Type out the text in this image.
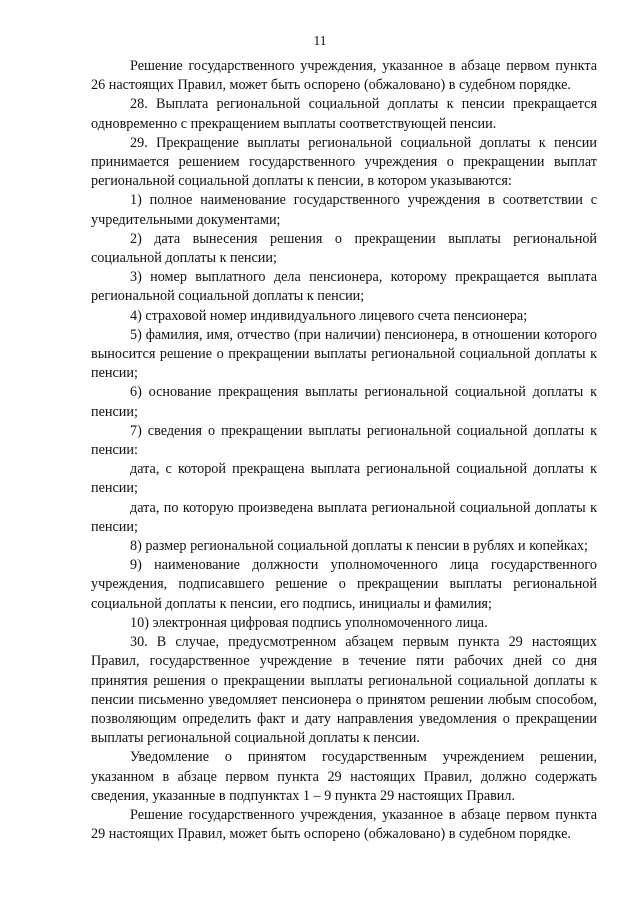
11

Решение государственного учреждения, указанное в абзаце первом пункта 26 настоящих Правил, может быть оспорено (обжаловано) в судебном порядке.

28. Выплата региональной социальной доплаты к пенсии прекращается одновременно с прекращением выплаты соответствующей пенсии.

29. Прекращение выплаты региональной социальной доплаты к пенсии принимается решением государственного учреждения о прекращении выплат региональной социальной доплаты к пенсии, в котором указываются:

1) полное наименование государственного учреждения в соответствии с учредительными документами;

2) дата вынесения решения о прекращении выплаты региональной социальной доплаты к пенсии;

3) номер выплатного дела пенсионера, которому прекращается выплата региональной социальной доплаты к пенсии;

4) страховой номер индивидуального лицевого счета пенсионера;

5) фамилия, имя, отчество (при наличии) пенсионера, в отношении которого выносится решение о прекращении выплаты региональной социальной доплаты к пенсии;

6) основание прекращения выплаты региональной социальной доплаты к пенсии;

7) сведения о прекращении выплаты региональной социальной доплаты к пенсии:

дата, с которой прекращена выплата региональной социальной доплаты к пенсии;

дата, по которую произведена выплата региональной социальной доплаты к пенсии;

8) размер региональной социальной доплаты к пенсии в рублях и копейках;

9) наименование должности уполномоченного лица государственного учреждения, подписавшего решение о прекращении выплаты региональной социальной доплаты к пенсии, его подпись, инициалы и фамилия;

10) электронная цифровая подпись уполномоченного лица.

30. В случае, предусмотренном абзацем первым пункта 29 настоящих Правил, государственное учреждение в течение пяти рабочих дней со дня принятия решения о прекращении выплаты региональной социальной доплаты к пенсии письменно уведомляет пенсионера о принятом решении любым способом, позволяющим определить факт и дату направления уведомления о прекращении выплаты региональной социальной доплаты к пенсии.

Уведомление о принятом государственным учреждением решении, указанном в абзаце первом пункта 29 настоящих Правил, должно содержать сведения, указанные в подпунктах 1 – 9 пункта 29 настоящих Правил.

Решение государственного учреждения, указанное в абзаце первом пункта 29 настоящих Правил, может быть оспорено (обжаловано) в судебном порядке.
